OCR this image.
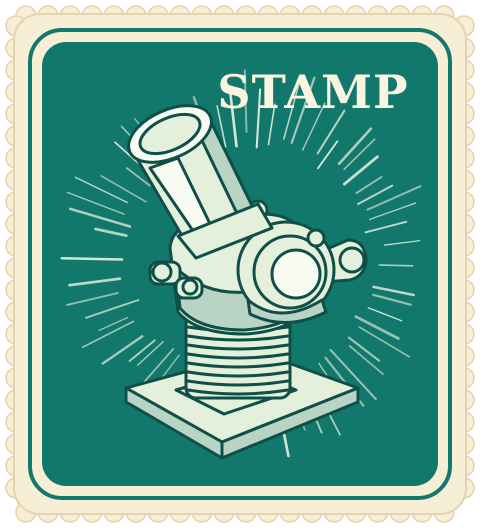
STAMP
